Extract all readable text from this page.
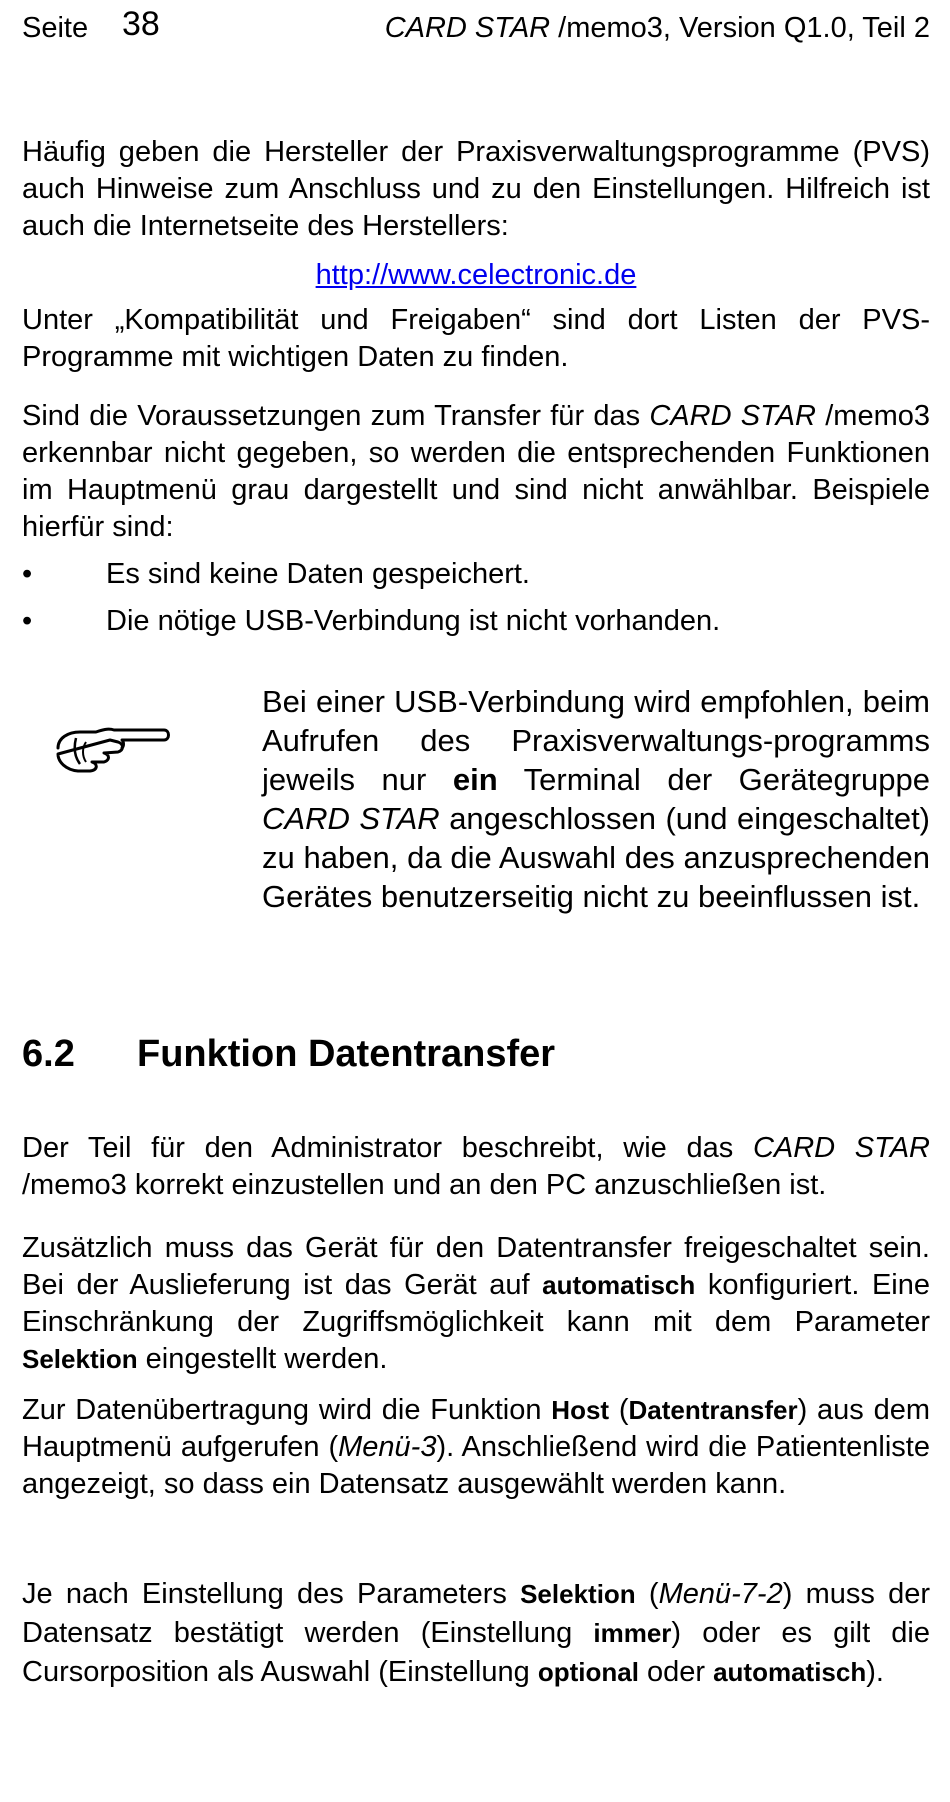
Seite 38	CARD STAR /memo3, Version Q1.0, Teil 2
Häufig geben die Hersteller der Praxisverwaltungsprogramme (PVS) auch Hinweise zum Anschluss und zu den Einstellungen. Hilfreich ist auch die Internetseite des Herstellers:
http://www.celectronic.de
Unter „Kompatibilität und Freigaben“ sind dort Listen der PVS-Programme mit wichtigen Daten zu finden.
Sind die Voraussetzungen zum Transfer für das CARD STAR /memo3 erkennbar nicht gegeben, so werden die entsprechenden Funktionen im Hauptmenü grau dargestellt und sind nicht anwählbar. Beispiele hierfür sind:
•	Es sind keine Daten gespeichert.
•	Die nötige USB-Verbindung ist nicht vorhanden.
Bei einer USB-Verbindung wird empfohlen, beim Aufrufen des Praxisverwaltungs-programms jeweils nur ein Terminal der Gerätegruppe CARD STAR angeschlossen (und eingeschaltet) zu haben, da die Auswahl des anzusprechenden Gerätes benutzerseitig nicht zu beeinflussen ist.
6.2 Funktion Datentransfer
Der Teil für den Administrator beschreibt, wie das CARD STAR /memo3 korrekt einzustellen und an den PC anzuschließen ist.
Zusätzlich muss das Gerät für den Datentransfer freigeschaltet sein. Bei der Auslieferung ist das Gerät auf automatisch konfiguriert. Eine Einschränkung der Zugriffsmöglichkeit kann mit dem Parameter Selektion eingestellt werden.
Zur Datenübertragung wird die Funktion Host (Datentransfer) aus dem Hauptmenü aufgerufen (Menü-3). Anschließend wird die Patientenliste angezeigt, so dass ein Datensatz ausgewählt werden kann.
Je nach Einstellung des Parameters Selektion (Menü-7-2) muss der Datensatz bestätigt werden (Einstellung immer) oder es gilt die Cursorposition als Auswahl (Einstellung optional oder automatisch).
